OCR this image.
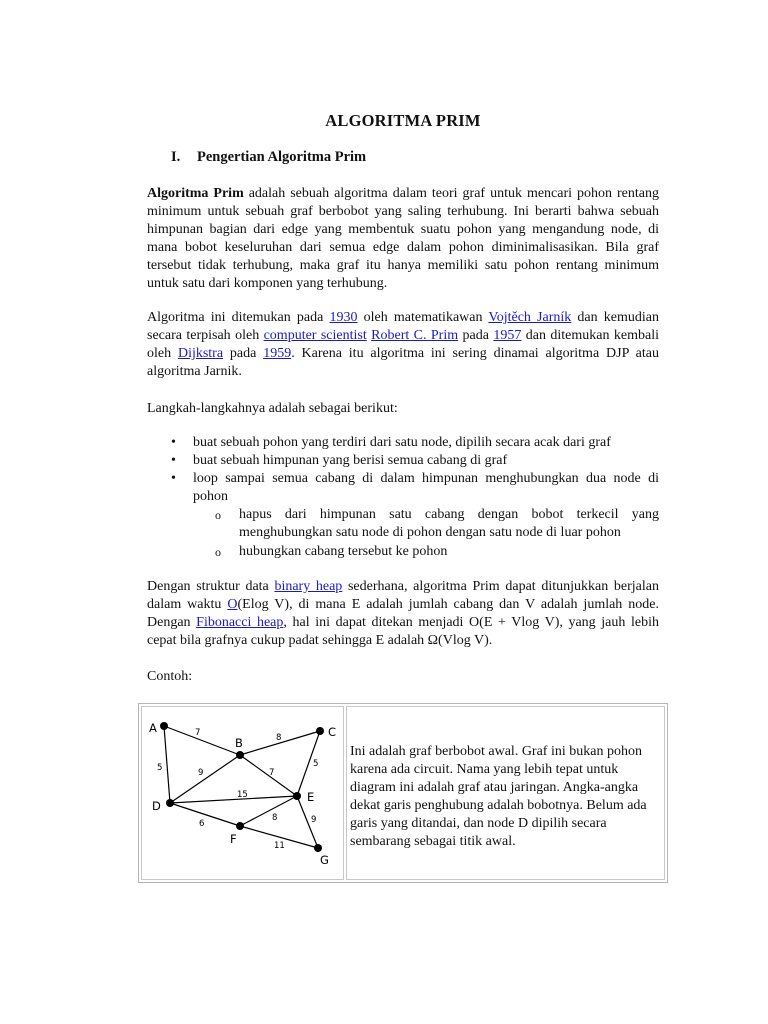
ALGORITMA PRIM
I. Pengertian Algoritma Prim
Algoritma Prim adalah sebuah algoritma dalam teori graf untuk mencari pohon rentang minimum untuk sebuah graf berbobot yang saling terhubung. Ini berarti bahwa sebuah himpunan bagian dari edge yang membentuk suatu pohon yang mengandung node, di mana bobot keseluruhan dari semua edge dalam pohon diminimalisasikan. Bila graf tersebut tidak terhubung, maka graf itu hanya memiliki satu pohon rentang minimum untuk satu dari komponen yang terhubung.
Algoritma ini ditemukan pada 1930 oleh matematikawan Vojtěch Jarník dan kemudian secara terpisah oleh computer scientist Robert C. Prim pada 1957 dan ditemukan kembali oleh Dijkstra pada 1959. Karena itu algoritma ini sering dinamai algoritma DJP atau algoritma Jarnik.
Langkah-langkahnya adalah sebagai berikut:
• buat sebuah pohon yang terdiri dari satu node, dipilih secara acak dari graf
• buat sebuah himpunan yang berisi semua cabang di graf
• loop sampai semua cabang di dalam himpunan menghubungkan dua node di pohon
o hapus dari himpunan satu cabang dengan bobot terkecil yang menghubungkan satu node di pohon dengan satu node di luar pohon
o hubungkan cabang tersebut ke pohon
Dengan struktur data binary heap sederhana, algoritma Prim dapat ditunjukkan berjalan dalam waktu O(Elog V), di mana E adalah jumlah cabang dan V adalah jumlah node. Dengan Fibonacci heap, hal ini dapat ditekan menjadi O(E + Vlog V), yang jauh lebih cepat bila grafnya cukup padat sehingga E adalah Ω(Vlog V).
Contoh:
A
B
C
D
E
F
G
7
5
8
9	7
5
15
6
8	9
11

Ini adalah graf berbobot awal. Graf ini bukan pohon karena ada circuit. Nama yang lebih tepat untuk diagram ini adalah graf atau jaringan. Angka-angka dekat garis penghubung adalah bobotnya. Belum ada garis yang ditandai, dan node D dipilih secara sembarang sebagai titik awal.
